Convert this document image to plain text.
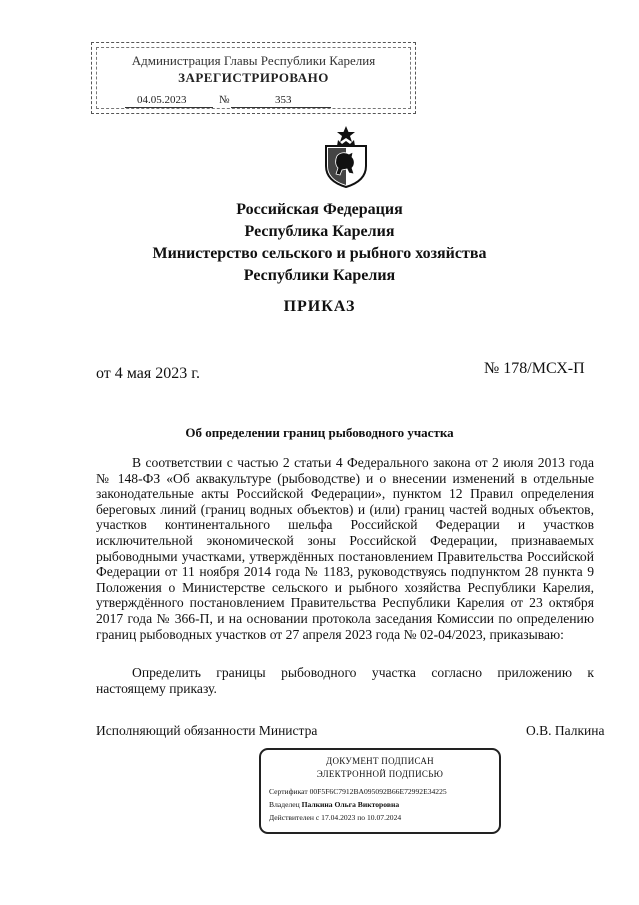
Администрация Главы Республики Карелия
ЗАРЕГИСТРИРОВАНО
04.05.2023	№	353
Российская Федерация
Республика Карелия
Министерство сельского и рыбного хозяйства
Республики Карелия
ПРИКАЗ
от 4 мая 2023 г.	№ 178/МСХ-П
Об определении границ рыбоводного участка
В соответствии с частью 2 статьи 4 Федерального закона от 2 июля 2013 года № 148-ФЗ «Об аквакультуре (рыбоводстве) и о внесении изменений в отдельные законодательные акты Российской Федерации», пунктом 12 Правил определения береговых линий (границ водных объектов) и (или) границ частей водных объектов, участков континентального шельфа Российской Федерации и участков исключительной экономической зоны Российской Федерации, признаваемых рыбоводными участками, утверждённых постановлением Правительства Российской Федерации от 11 ноября 2014 года № 1183, руководствуясь подпунктом 28 пункта 9 Положения о Министерстве сельского и рыбного хозяйства Республики Карелия, утверждённого постановлением Правительства Республики Карелия от 23 октября 2017 года № 366-П, и на основании протокола заседания Комиссии по определению границ рыбоводных участков от 27 апреля 2023 года № 02-04/2023, приказываю:
Определить границы рыбоводного участка согласно приложению к настоящему приказу.
Исполняющий обязанности Министра	О.В. Палкина
ДОКУМЕНТ ПОДПИСАН
ЭЛЕКТРОННОЙ ПОДПИСЬЮ
Сертификат 00F5F6C7912BA095092B66E72992E34225
Владелец Палкина Ольга Викторовна
Действителен с 17.04.2023 по 10.07.2024
